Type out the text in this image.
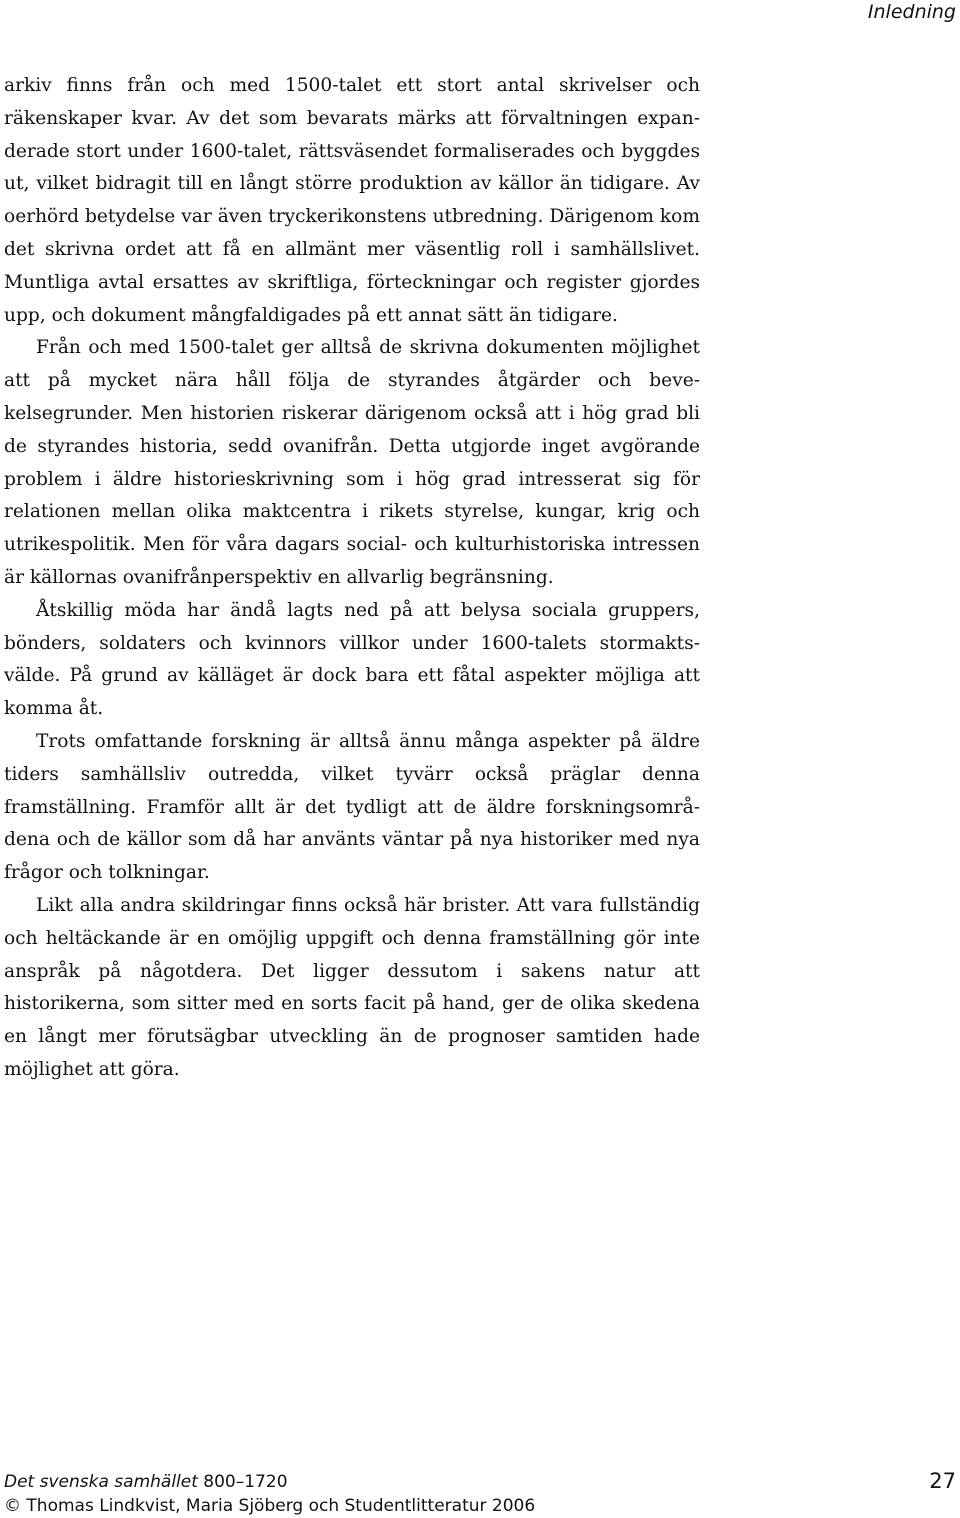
Inledning

arkiv finns från och med 1500-talet ett stort antal skrivelser och räkenskaper kvar. Av det som bevarats märks att förvaltningen expanderade stort under 1600-talet, rättsväsendet formaliserades och byggdes ut, vilket bidragit till en långt större produktion av källor än tidigare. Av oerhörd betydelse var även tryckerikonstens utbredning. Därigenom kom det skrivna ordet att få en allmänt mer väsentlig roll i samhällslivet. Muntliga avtal ersattes av skriftliga, förteckningar och register gjordes upp, och dokument mångfaldigades på ett annat sätt än tidigare.

Från och med 1500-talet ger alltså de skrivna dokumenten möjlighet att på mycket nära håll följa de styrandes åtgärder och bevekelsegrunder. Men historien riskerar därigenom också att i hög grad bli de styrandes historia, sedd ovanifrån. Detta utgjorde inget avgörande problem i äldre historieskrivning som i hög grad intresserat sig för relationen mellan olika maktcentra i rikets styrelse, kungar, krig och utrikespolitik. Men för våra dagars social- och kulturhistoriska intressen är källornas ovanifrånperspektiv en allvarlig begränsning.

Åtskillig möda har ändå lagts ned på att belysa sociala gruppers, bönders, soldaters och kvinnors villkor under 1600-talets stormaktsvälde. På grund av källäget är dock bara ett fåtal aspekter möjliga att komma åt.

Trots omfattande forskning är alltså ännu många aspekter på äldre tiders samhällsliv outredda, vilket tyvärr också präglar denna framställning. Framför allt är det tydligt att de äldre forskningsområdena och de källor som då har använts väntar på nya historiker med nya frågor och tolkningar.

Likt alla andra skildringar finns också här brister. Att vara fullständig och heltäckande är en omöjlig uppgift och denna framställning gör inte anspråk på någotdera. Det ligger dessutom i sakens natur att historikerna, som sitter med en sorts facit på hand, ger de olika skedena en långt mer förutsägbar utveckling än de prognoser samtiden hade möjlighet att göra.

Det svenska samhället 800–1720
© Thomas Lindkvist, Maria Sjöberg och Studentlitteratur 2006
27
